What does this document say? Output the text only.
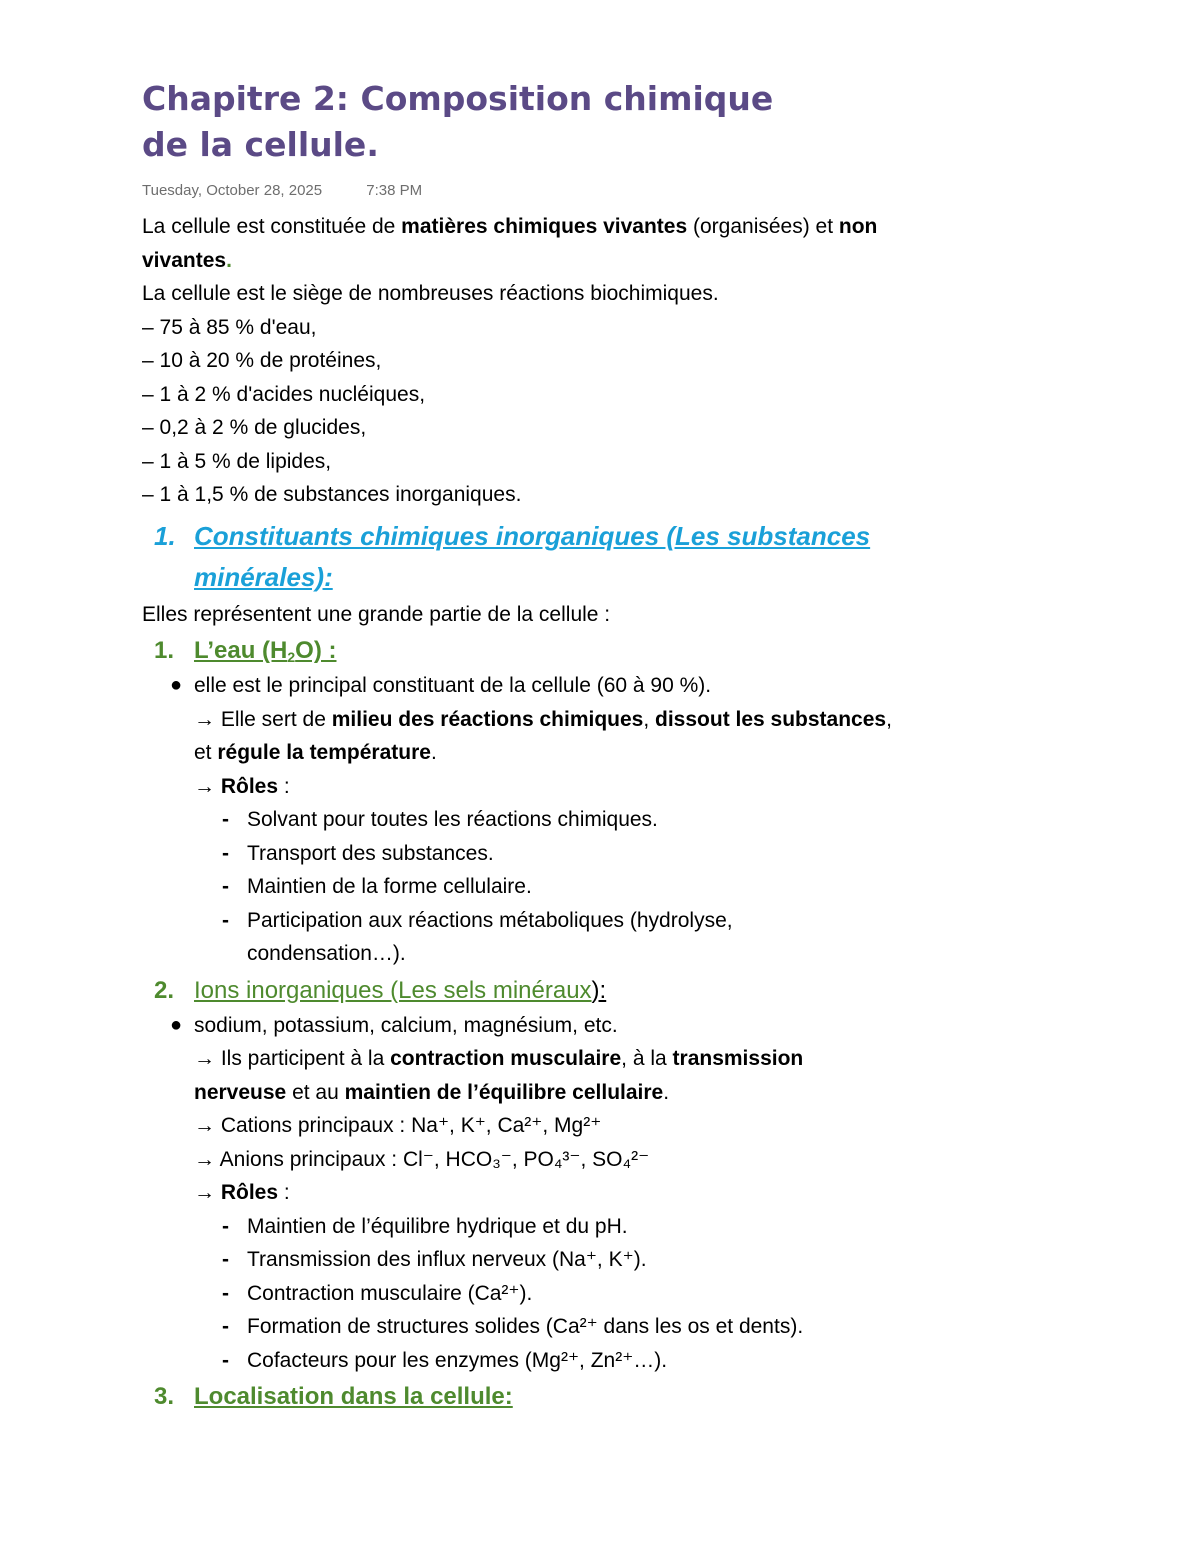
Chapitre 2: Composition chimique
de la cellule.
Tuesday, October 28, 2025	7:38 PM
La cellule est constituée de matières chimiques vivantes (organisées) et non
vivantes.
La cellule est le siège de nombreuses réactions biochimiques.
– 75 à 85 % d'eau,
– 10 à 20 % de protéines,
– 1 à 2 % d'acides nucléiques,
– 0,2 à 2 % de glucides,
– 1 à 5 % de lipides,
– 1 à 1,5 % de substances inorganiques.
1. Constituants chimiques inorganiques (Les substances
minérales):
Elles représentent une grande partie de la cellule :
1. L’eau $(H_2O)$ :
● elle est le principal constituant de la cellule (60 à 90 %).
→ Elle sert de milieu des réactions chimiques, dissout les substances,
et régule la température.
→ Rôles :
- Solvant pour toutes les réactions chimiques.
- Transport des substances.
- Maintien de la forme cellulaire.
- Participation aux réactions métaboliques (hydrolyse,
condensation…).
2. Ions inorganiques (Les sels minéraux):
● sodium, potassium, calcium, magnésium, etc.
→ Ils participent à la contraction musculaire, à la transmission
nerveuse et au maintien de l’équilibre cellulaire.
→ Cations principaux : Na⁺, K⁺, Ca²⁺, Mg²⁺
→ Anions principaux : Cl⁻, HCO₃⁻, PO₄³⁻, SO₄²⁻
→ Rôles :
- Maintien de l’équilibre hydrique et du pH.
- Transmission des influx nerveux (Na⁺, K⁺).
- Contraction musculaire (Ca²⁺).
- Formation de structures solides (Ca²⁺ dans les os et dents).
- Cofacteurs pour les enzymes (Mg²⁺, Zn²⁺…).
3. Localisation dans la cellule:
